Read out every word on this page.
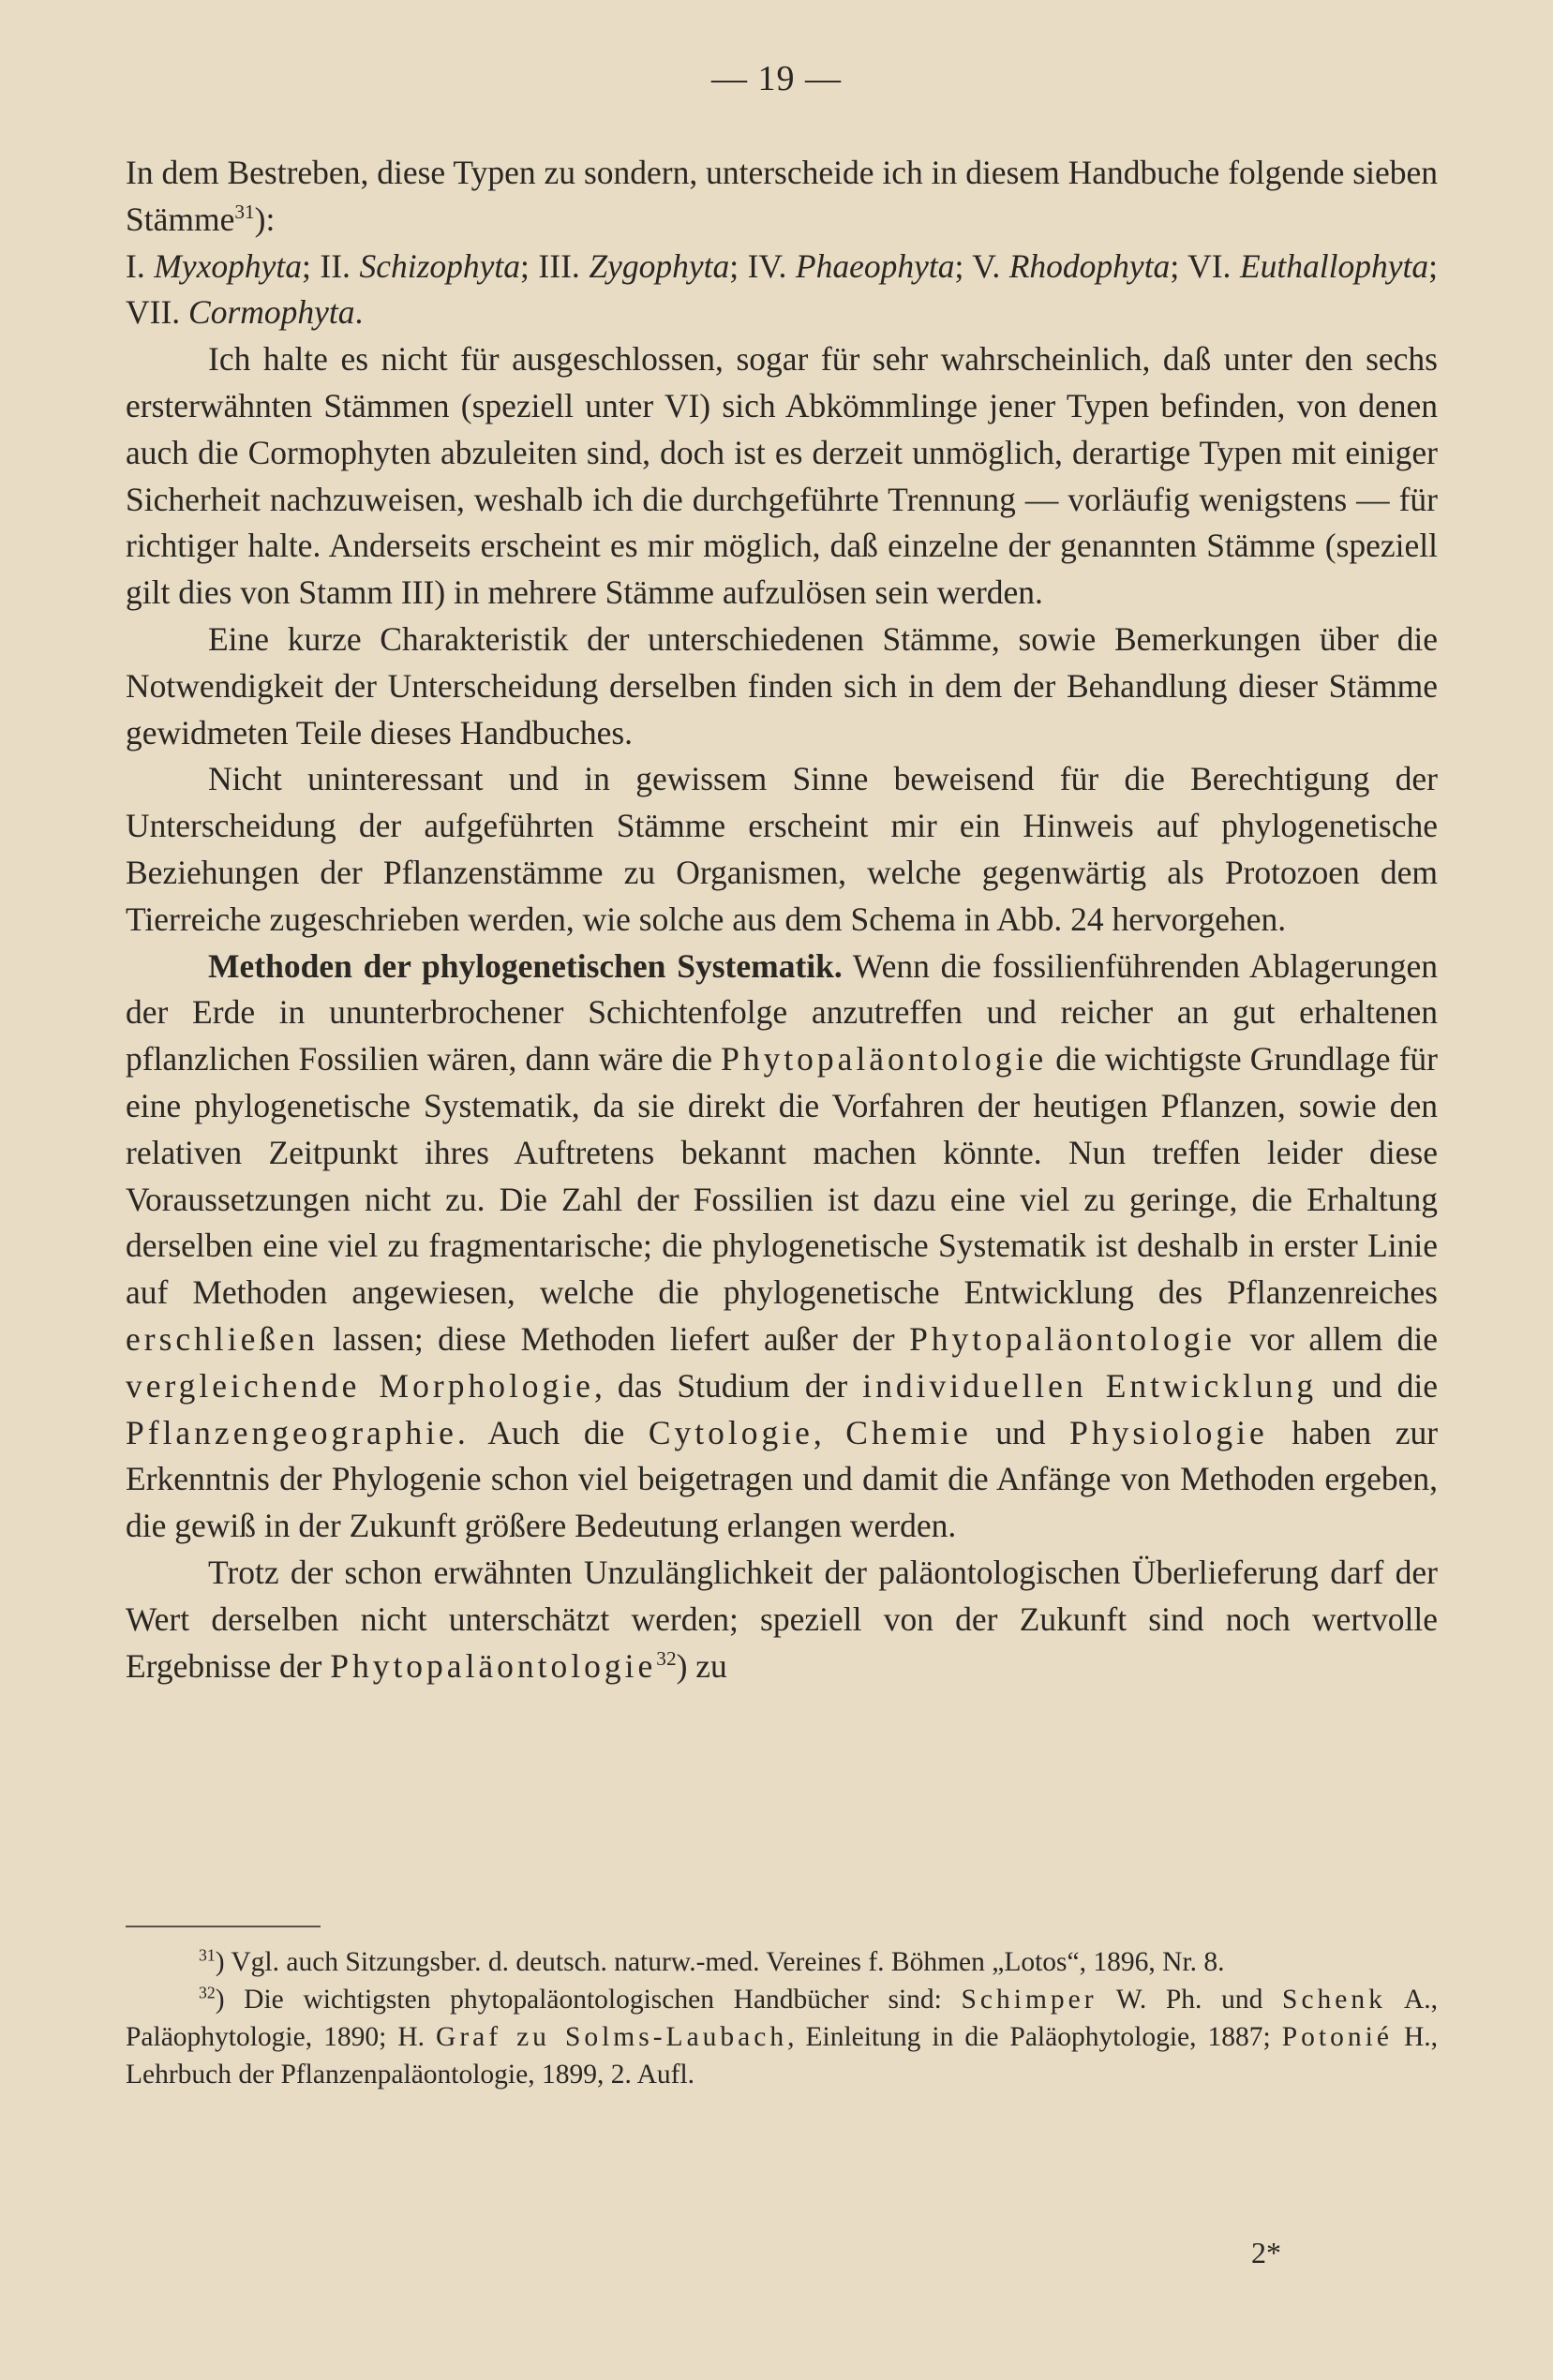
— 19 —

In dem Bestreben, diese Typen zu sondern, unterscheide ich in diesem Handbuche folgende sieben Stämme$^{31}$):

I. Myxophyta; II. Schizophyta; III. Zygophyta; IV. Phaeophyta; V. Rhodophyta; VI. Euthallophyta; VII. Cormophyta.

Ich halte es nicht für ausgeschlossen, sogar für sehr wahrscheinlich, daß unter den sechs ersterwähnten Stämmen (speziell unter VI) sich Abkömmlinge jener Typen befinden, von denen auch die Cormophyten abzuleiten sind, doch ist es derzeit unmöglich, derartige Typen mit einiger Sicherheit nachzuweisen, weshalb ich die durchgeführte Trennung — vorläufig wenigstens — für richtiger halte. Anderseits erscheint es mir möglich, daß einzelne der genannten Stämme (speziell gilt dies von Stamm III) in mehrere Stämme aufzulösen sein werden.

Eine kurze Charakteristik der unterschiedenen Stämme, sowie Bemerkungen über die Notwendigkeit der Unterscheidung derselben finden sich in dem der Behandlung dieser Stämme gewidmeten Teile dieses Handbuches.

Nicht uninteressant und in gewissem Sinne beweisend für die Berechtigung der Unterscheidung der aufgeführten Stämme erscheint mir ein Hinweis auf phylogenetische Beziehungen der Pflanzenstämme zu Organismen, welche gegenwärtig als Protozoen dem Tierreiche zugeschrieben werden, wie solche aus dem Schema in Abb. 24 hervorgehen.

Methoden der phylogenetischen Systematik. Wenn die fossilienführenden Ablagerungen der Erde in ununterbrochener Schichtenfolge anzutreffen und reicher an gut erhaltenen pflanzlichen Fossilien wären, dann wäre die Phytopaläontologie die wichtigste Grundlage für eine phylogenetische Systematik, da sie direkt die Vorfahren der heutigen Pflanzen, sowie den relativen Zeitpunkt ihres Auftretens bekannt machen könnte. Nun treffen leider diese Voraussetzungen nicht zu. Die Zahl der Fossilien ist dazu eine viel zu geringe, die Erhaltung derselben eine viel zu fragmentarische; die phylogenetische Systematik ist deshalb in erster Linie auf Methoden angewiesen, welche die phylogenetische Entwicklung des Pflanzenreiches erschließen lassen; diese Methoden liefert außer der Phytopaläontologie vor allem die vergleichende Morphologie, das Studium der individuellen Entwicklung und die Pflanzengeographie. Auch die Cytologie, Chemie und Physiologie haben zur Erkenntnis der Phylogenie schon viel beigetragen und damit die Anfänge von Methoden ergeben, die gewiß in der Zukunft größere Bedeutung erlangen werden.

Trotz der schon erwähnten Unzulänglichkeit der paläontologischen Überlieferung darf der Wert derselben nicht unterschätzt werden; speziell von der Zukunft sind noch wertvolle Ergebnisse der Phytopaläontologie$^{32}$) zu

$^{31}$) Vgl. auch Sitzungsber. d. deutsch. naturw.-med. Vereines f. Böhmen „Lotos“, 1896, Nr. 8.

$^{32}$) Die wichtigsten phytopaläontologischen Handbücher sind: Schimper W. Ph. und Schenk A., Paläophytologie, 1890; H. Graf zu Solms-Laubach, Einleitung in die Paläophytologie, 1887; Potonié H., Lehrbuch der Pflanzenpaläontologie, 1899, 2. Aufl.

2*
